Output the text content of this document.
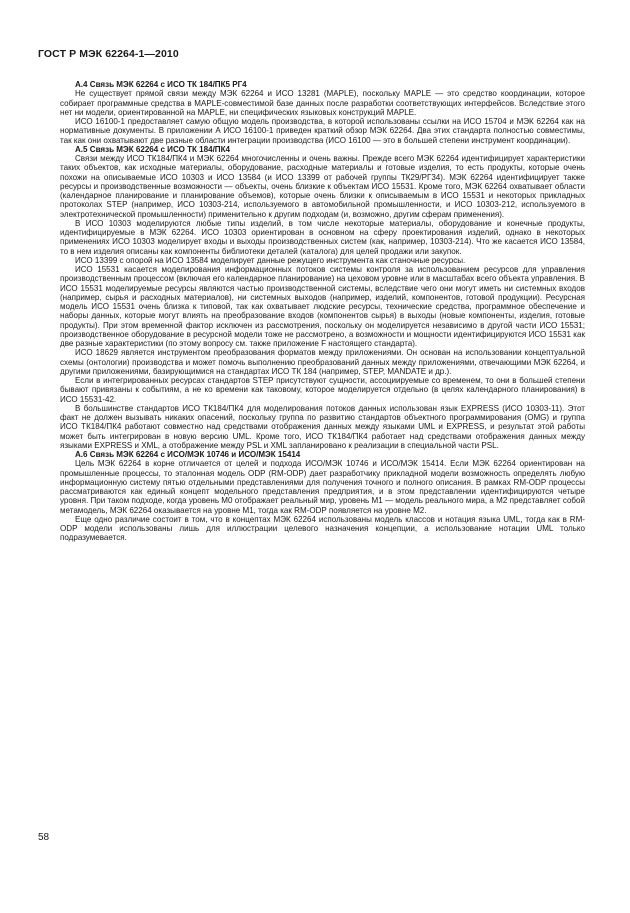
ГОСТ Р МЭК 62264-1—2010
А.4 Связь МЭК 62264 с ИСО ТК 184/ПК5 РГ4

Не существует прямой связи между МЭК 62264 и ИСО 13281 (MAPLE), поскольку MAPLE — это средство координации, которое собирает программные средства в MAPLE-совместимой базе данных после разработки соответствующих интерфейсов. Вследствие этого нет ни модели, ориентированной на MAPLE, ни специфических языковых конструкций MAPLE.

ИСО 16100-1 предоставляет самую общую модель производства, в которой использованы ссылки на ИСО 15704 и МЭК 62264 как на нормативные документы. В приложении А ИСО 16100-1 приведен краткий обзор МЭК 62264. Два этих стандарта полностью совместимы, так как они охватывают две разные области интеграции производства (ИСО 16100 — это в большей степени инструмент координации).

А.5 Связь МЭК 62264 с ИСО ТК 184/ПК4

Связи между ИСО ТК184/ПК4 и МЭК 62264 многочисленны и очень важны. Прежде всего МЭК 62264 идентифицирует характеристики таких объектов, как исходные материалы, оборудование, расходные материалы и готовые изделия, то есть продукты, которые очень похожи на описываемые ИСО 10303 и ИСО 13584 (и ИСО 13399 от рабочей группы ТК29/РГ34). МЭК 62264 идентифицирует также ресурсы и производственные возможности — объекты, очень близкие к объектам ИСО 15531. Кроме того, МЭК 62264 охватывает области (календарное планирование и планирование объемов), которые очень близки к описываемым в ИСО 15531 и некоторых прикладных протоколах STEP (например, ИСО 10303-214, используемого в автомобильной промышленности, и ИСО 10303-212, используемого в электротехнической промышленности) применительно к другим подходам (и, возможно, другим сферам применения).

В ИСО 10303 моделируются любые типы изделий, в том числе некоторые материалы, оборудование и конечные продукты, идентифицируемые в МЭК 62264. ИСО 10303 ориентирован в основном на сферу проектирования изделий, однако в некоторых применениях ИСО 10303 моделирует входы и выходы производственных систем (как, например, 10303-214). Что же касается ИСО 13584, то в нем изделия описаны как компоненты библиотеки деталей (каталога) для целей продажи или закупок.

ИСО 13399 с опорой на ИСО 13584 моделирует данные режущего инструмента как станочные ресурсы.

ИСО 15531 касается моделирования информационных потоков системы контроля за использованием ресурсов для управления производственным процессом (включая его календарное планирование) на цеховом уровне или в масштабах всего объекта управления. В ИСО 15531 моделируемые ресурсы являются частью производственной системы, вследствие чего они могут иметь ни системных входов (например, сырья и расходных материалов), ни системных выходов (например, изделий, компонентов, готовой продукции). Ресурсная модель ИСО 15531 очень близка к типовой, так как охватывает людские ресурсы, технические средства, программное обеспечение и наборы данных, которые могут влиять на преобразование входов (компонентов сырья) в выходы (новые компоненты, изделия, готовые продукты). При этом временной фактор исключен из рассмотрения, поскольку он моделируется независимо в другой части ИСО 15531; производственное оборудование в ресурсной модели тоже не рассмотрено, а возможности и мощности идентифицируются ИСО 15531 как две разные характеристики (по этому вопросу см. также приложение F настоящего стандарта).

ИСО 18629 является инструментом преобразования форматов между приложениями. Он основан на использовании концептуальной схемы (онтологии) производства и может помочь выполнению преобразований данных между приложениями, отвечающими МЭК 62264, и другими приложениями, базирующимися на стандартах ИСО ТК 184 (например, STEP, MANDATE и др.).

Если в интегрированных ресурсах стандартов STEP присутствуют сущности, ассоциируемые со временем, то они в большей степени бывают привязаны к событиям, а не ко времени как таковому, которое моделируется отдельно (в целях календарного планирования) в ИСО 15531-42.

В большинстве стандартов ИСО ТК184/ПК4 для моделирования потоков данных использован язык EXPRESS (ИСО 10303-11). Этот факт не должен вызывать никаких опасений, поскольку группа по развитию стандартов объектного программирования (OMG) и группа ИСО ТК184/ПК4 работают совместно над средствами отображения данных между языками UML и EXPRESS, и результат этой работы может быть интегрирован в новую версию UML. Кроме того, ИСО ТК184/ПК4 работает над средствами отображения данных между языками EXPRESS и XML, а отображение между PSL и XML запланировано к реализации в специальной части PSL.

А.6 Связь МЭК 62264 с ИСО/МЭК 10746 и ИСО/МЭК 15414

Цель МЭК 62264 в корне отличается от целей и подхода ИСО/МЭК 10746 и ИСО/МЭК 15414. Если МЭК 62264 ориентирован на промышленные процессы, то эталонная модель ODP (RM-ODP) дает разработчику прикладной модели возможность определять любую информационную систему пятью отдельными представлениями для получения точного и полного описания. В рамках RM-ODP процессы рассматриваются как единый концепт модельного представления предприятия, и в этом представлении идентифицируются четыре уровня. При таком подходе, когда уровень M0 отображает реальный мир, уровень M1 — модель реального мира, а M2 представляет собой метамодель, МЭК 62264 оказывается на уровне M1, тогда как RM-ODP появляется на уровне M2.

Еще одно различие состоит в том, что в концептах МЭК 62264 использованы модель классов и нотация языка UML, тогда как в RM-ODP модели использованы лишь для иллюстрации целевого назначения концепции, а использование нотации UML только подразумевается.

58
